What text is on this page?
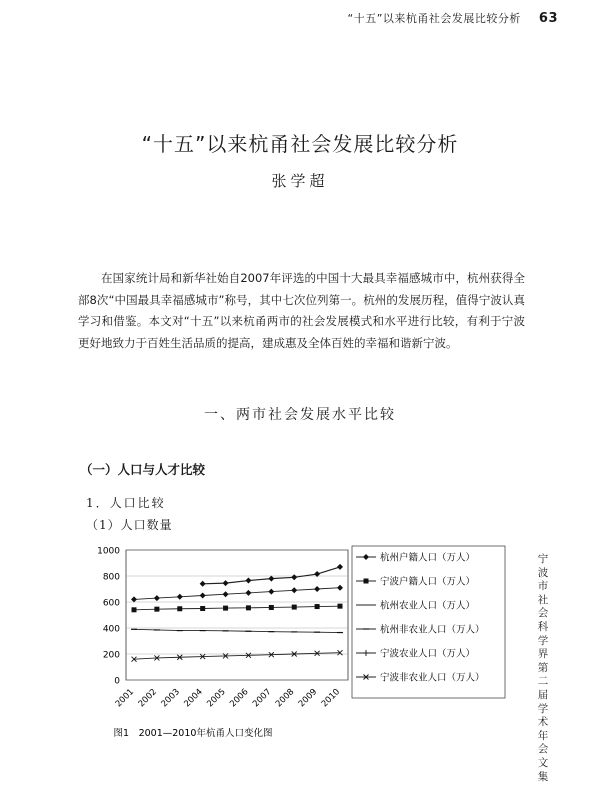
“十五”以来杭甬社会发展比较分析 63
“十五”以来杭甬社会发展比较分析
张学超

在国家统计局和新华社始自2007年评选的中国十大最具幸福感城市中，杭州获得全部8次“中国最具幸福感城市”称号，其中七次位列第一。杭州的发展历程，值得宁波认真学习和借鉴。本文对“十五”以来杭甬两市的社会发展模式和水平进行比较，有利于宁波更好地致力于百姓生活品质的提高，建成惠及全体百姓的幸福和谐新宁波。

一、两市社会发展水平比较
（一）人口与人才比较
1．人口比较
（1）人口数量
图1　2001—2010年杭甬人口变化图
0
200
400
600
800
1000
2001 2002 2003 2004 2005 2006 2007 2008 2009 2010
杭州户籍人口（万人）
宁波户籍人口（万人）
杭州农业人口（万人）
杭州非农业人口（万人）
宁波农业人口（万人）
宁波非农业人口（万人）
宁
波
市
社
会
科
学
界
第
二
届
学
术
年
会
文
集
